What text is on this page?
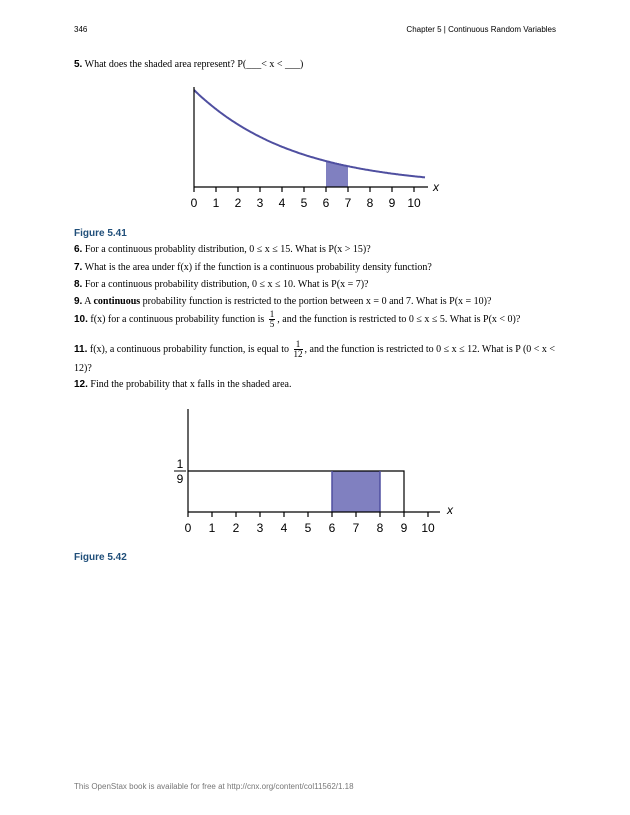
346	Chapter 5 | Continuous Random Variables
5. What does the shaded area represent? P(___< x < ___)
0 1 2 3 4 5 6 7 8 9 10
x
Figure 5.41
6. For a continuous probablity distribution, 0 ≤ x ≤ 15. What is P(x > 15)?
7. What is the area under f(x) if the function is a continuous probability density function?
8. For a continuous probability distribution, 0 ≤ x ≤ 10. What is P(x = 7)?
9. A continuous probability function is restricted to the portion between x = 0 and 7. What is P(x = 10)?
10. f(x) for a continuous probability function is $\frac{1}{5}$ , and the function is restricted to 0 ≤ x ≤ 5. What is P(x < 0)?
11. f(x), a continuous probability function, is equal to $\frac{1}{12}$ , and the function is restricted to 0 ≤ x ≤ 12. What is P (0 < x < 12)?
12. Find the probability that x falls in the shaded area.
0 1 2 3 4 5 6 7 8 9 10
1
9
x
Figure 5.42
This OpenStax book is available for free at http://cnx.org/content/col11562/1.18
